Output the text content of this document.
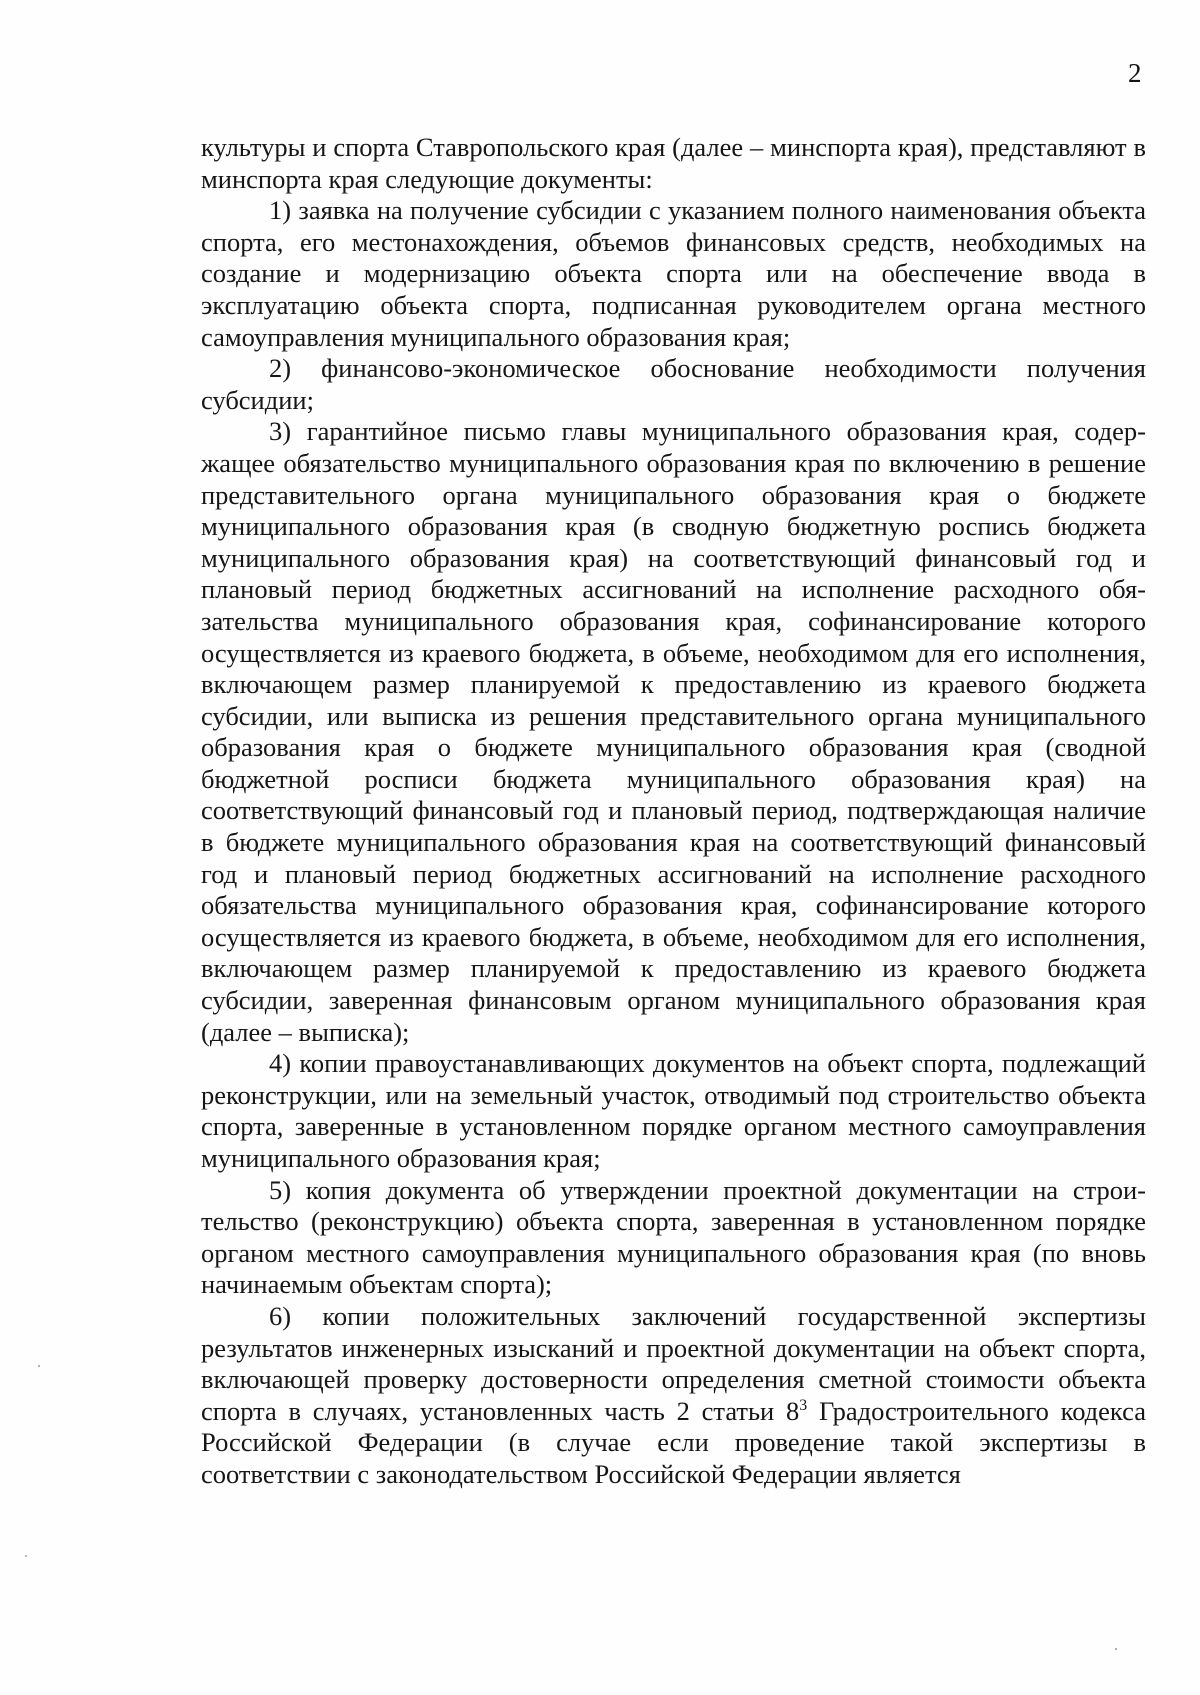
2

культуры и спорта Ставропольского края (далее – минспорта края), представляют в минспорта края следующие документы:

1) заявка на получение субсидии с указанием полного наименования объекта спорта, его местонахождения, объемов финансовых средств, необходимых на создание и модернизацию объекта спорта или на обеспечение ввода в эксплуатацию объекта спорта, подписанная руководителем органа местного самоуправления муниципального образования края;

2) финансово-экономическое обоснование необходимости получения субсидии;

3) гарантийное письмо главы муниципального образования края, содержащее обязательство муниципального образования края по включению в решение представительного органа муниципального образования края о бюджете муниципального образования края (в сводную бюджетную роспись бюджета муниципального образования края) на соответствующий финансовый год и плановый период бюджетных ассигнований на исполнение расходного обязательства муниципального образования края, софинансирование которого осуществляется из краевого бюджета, в объеме, необходимом для его исполнения, включающем размер планируемой к предоставлению из краевого бюджета субсидии, или выписка из решения представительного органа муниципального образования края о бюджете муниципального образования края (сводной бюджетной росписи бюджета муниципального образования края) на соответствующий финансовый год и плановый период, подтверждающая наличие в бюджете муниципального образования края на соответствующий финансовый год и плановый период бюджетных ассигнований на исполнение расходного обязательства муниципального образования края, софинансирование которого осуществляется из краевого бюджета, в объеме, необходимом для его исполнения, включающем размер планируемой к предоставлению из краевого бюджета субсидии, заверенная финансовым органом муниципального образования края (далее – выписка);

4) копии правоустанавливающих документов на объект спорта, подлежащий реконструкции, или на земельный участок, отводимый под строительство объекта спорта, заверенные в установленном порядке органом местного самоуправления муниципального образования края;

5) копия документа об утверждении проектной документации на строительство (реконструкцию) объекта спорта, заверенная в установленном порядке органом местного самоуправления муниципального образования края (по вновь начинаемым объектам спорта);

6) копии положительных заключений государственной экспертизы результатов инженерных изысканий и проектной документации на объект спорта, включающей проверку достоверности определения сметной стоимости объекта спорта в случаях, установленных часть 2 статьи $8^3$ Градостроительного кодекса Российской Федерации (в случае если проведение такой экспертизы в соответствии с законодательством Российской Федерации является
